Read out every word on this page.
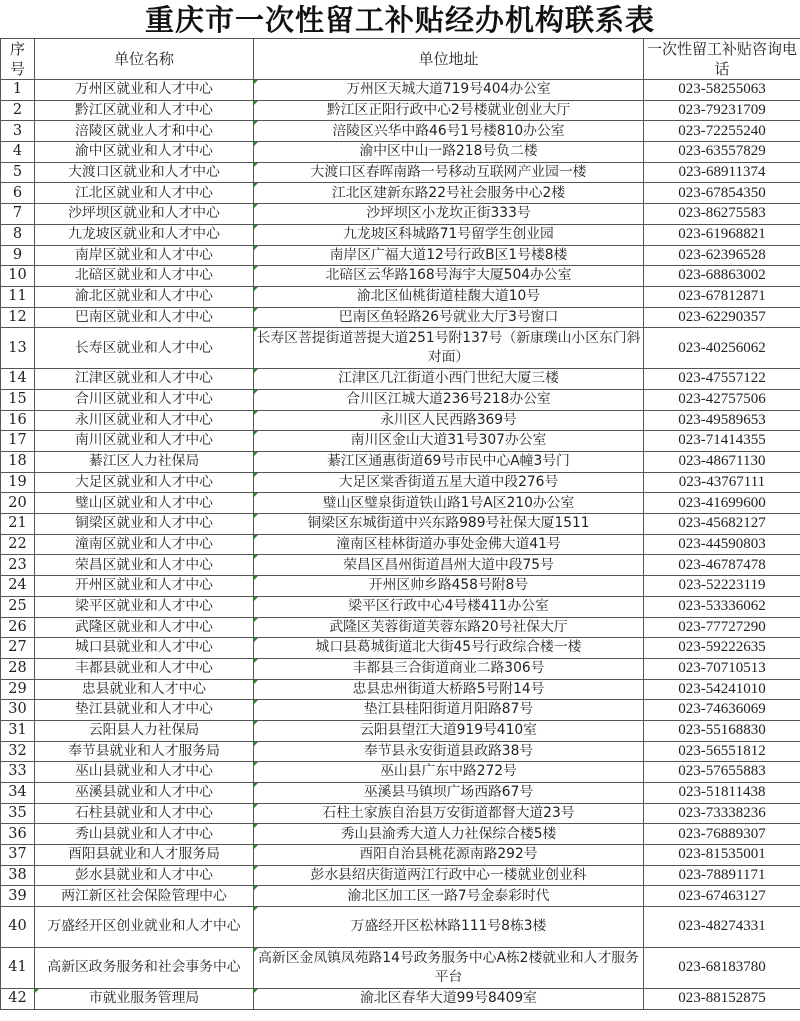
重庆市一次性留工补贴经办机构联系表
序号	单位名称	单位地址	一次性留工补贴咨询电话
1	万州区就业和人才中心	万州区天城大道719号404办公室	023-58255063
2	黔江区就业和人才中心	黔江区正阳行政中心2号楼就业创业大厅	023-79231709
3	涪陵区就业人才和中心	涪陵区兴华中路46号1号楼810办公室	023-72255240
4	渝中区就业和人才中心	渝中区中山一路218号负二楼	023-63557829
5	大渡口区就业和人才中心	大渡口区春晖南路一号移动互联网产业园一楼	023-68911374
6	江北区就业和人才中心	江北区建新东路22号社会服务中心2楼	023-67854350
7	沙坪坝区就业和人才中心	沙坪坝区小龙坎正街333号	023-86275583
8	九龙坡区就业和人才中心	九龙坡区科城路71号留学生创业园	023-61968821
9	南岸区就业和人才中心	南岸区广福大道12号行政B区1号楼8楼	023-62396528
10	北碚区就业和人才中心	北碚区云华路168号海宇大厦504办公室	023-68863002
11	渝北区就业和人才中心	渝北区仙桃街道桂馥大道10号	023-67812871
12	巴南区就业和人才中心	巴南区鱼轻路26号就业大厅3号窗口	023-62290357
13	长寿区就业和人才中心	长寿区菩提街道菩提大道251号附137号（新康璞山小区东门斜对面）	023-40256062
14	江津区就业和人才中心	江津区几江街道小西门世纪大厦三楼	023-47557122
15	合川区就业和人才中心	合川区江城大道236号218办公室	023-42757506
16	永川区就业和人才中心	永川区人民西路369号	023-49589653
17	南川区就业和人才中心	南川区金山大道31号307办公室	023-71414355
18	綦江区人力社保局	綦江区通惠街道69号市民中心A幢3号门	023-48671130
19	大足区就业和人才中心	大足区棠香街道五星大道中段276号	023-43767111
20	璧山区就业和人才中心	璧山区璧泉街道铁山路1号A区210办公室	023-41699600
21	铜梁区就业和人才中心	铜梁区东城街道中兴东路989号社保大厦1511	023-45682127
22	潼南区就业和人才中心	潼南区桂林街道办事处金佛大道41号	023-44590803
23	荣昌区就业和人才中心	荣昌区昌州街道昌州大道中段75号	023-46787478
24	开州区就业和人才中心	开州区帅乡路458号附8号	023-52223119
25	梁平区就业和人才中心	梁平区行政中心4号楼411办公室	023-53336062
26	武隆区就业和人才中心	武隆区芙蓉街道芙蓉东路20号社保大厅	023-77727290
27	城口县就业和人才中心	城口县葛城街道北大街45号行政综合楼一楼	023-59222635
28	丰都县就业和人才中心	丰都县三合街道商业二路306号	023-70710513
29	忠县就业和人才中心	忠县忠州街道大桥路5号附14号	023-54241010
30	垫江县就业和人才中心	垫江县桂阳街道月阳路87号	023-74636069
31	云阳县人力社保局	云阳县望江大道919号410室	023-55168830
32	奉节县就业和人才服务局	奉节县永安街道县政路38号	023-56551812
33	巫山县就业和人才中心	巫山县广东中路272号	023-57655883
34	巫溪县就业和人才中心	巫溪县马镇坝广场西路67号	023-51811438
35	石柱县就业和人才中心	石柱土家族自治县万安街道都督大道23号	023-73338236
36	秀山县就业和人才中心	秀山县渝秀大道人力社保综合楼5楼	023-76889307
37	酉阳县就业和人才服务局	酉阳自治县桃花源南路292号	023-81535001
38	彭水县就业和人才中心	彭水县绍庆街道两江行政中心一楼就业创业科	023-78891171
39	两江新区社会保险管理中心	渝北区加工区一路7号金泰彩时代	023-67463127
40	万盛经开区创业就业和人才中心	万盛经开区松林路111号8栋3楼	023-48274331
41	高新区政务服务和社会事务中心	高新区金凤镇凤苑路14号政务服务中心A栋2楼就业和人才服务平台	023-68183780
42	市就业服务管理局	渝北区春华大道99号8409室	023-88152875
